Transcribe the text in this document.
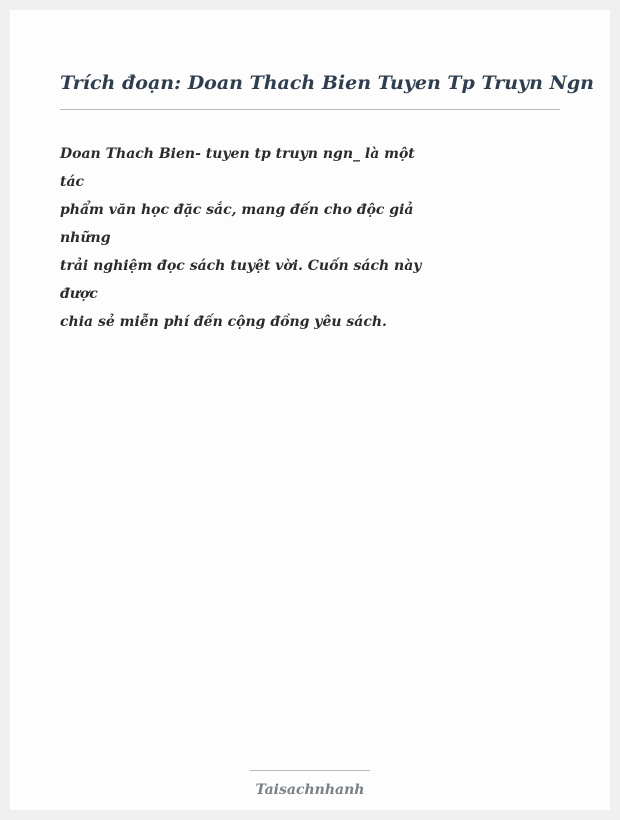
Trích đoạn: Doan Thach Bien Tuyen Tp Truyn Ngn
Doan Thach Bien- tuyen tp truyn ngn_ là một
tác
phẩm văn học đặc sắc, mang đến cho độc giả
những
trải nghiệm đọc sách tuyệt vời. Cuốn sách này
được
chia sẻ miễn phí đến cộng đồng yêu sách.
Taisachnhanh
